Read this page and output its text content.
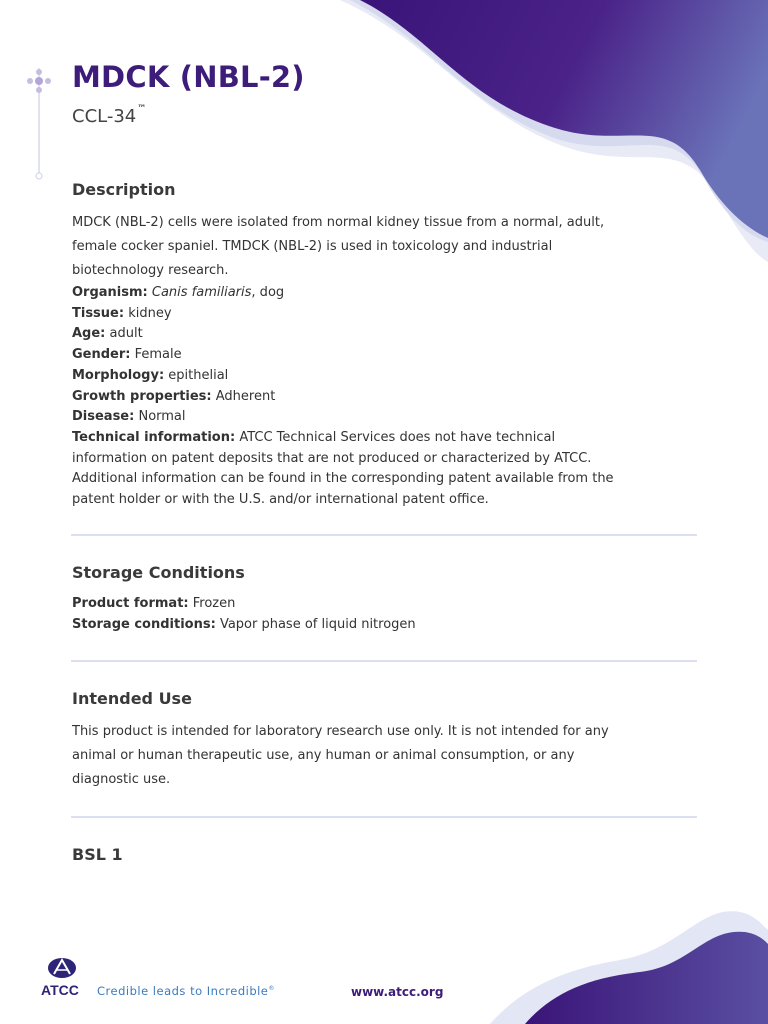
MDCK (NBL-2)
CCL-34™
Description

MDCK (NBL-2) cells were isolated from normal kidney tissue from a normal, adult, female cocker spaniel. TMDCK (NBL-2) is used in toxicology and industrial biotechnology research.

Organism: Canis familiaris, dog

Tissue: kidney

Age: adult

Gender: Female

Morphology: epithelial

Growth properties: Adherent

Disease: Normal

Technical information: ATCC Technical Services does not have technical information on patent deposits that are not produced or characterized by ATCC. Additional information can be found in the corresponding patent available from the patent holder or with the U.S. and/or international patent office.

Storage Conditions

Product format: Frozen

Storage conditions: Vapor phase of liquid nitrogen

Intended Use

This product is intended for laboratory research use only. It is not intended for any animal or human therapeutic use, any human or animal consumption, or any diagnostic use.

BSL 1
ATCC Credible leads to Incredible®	www.atcc.org
